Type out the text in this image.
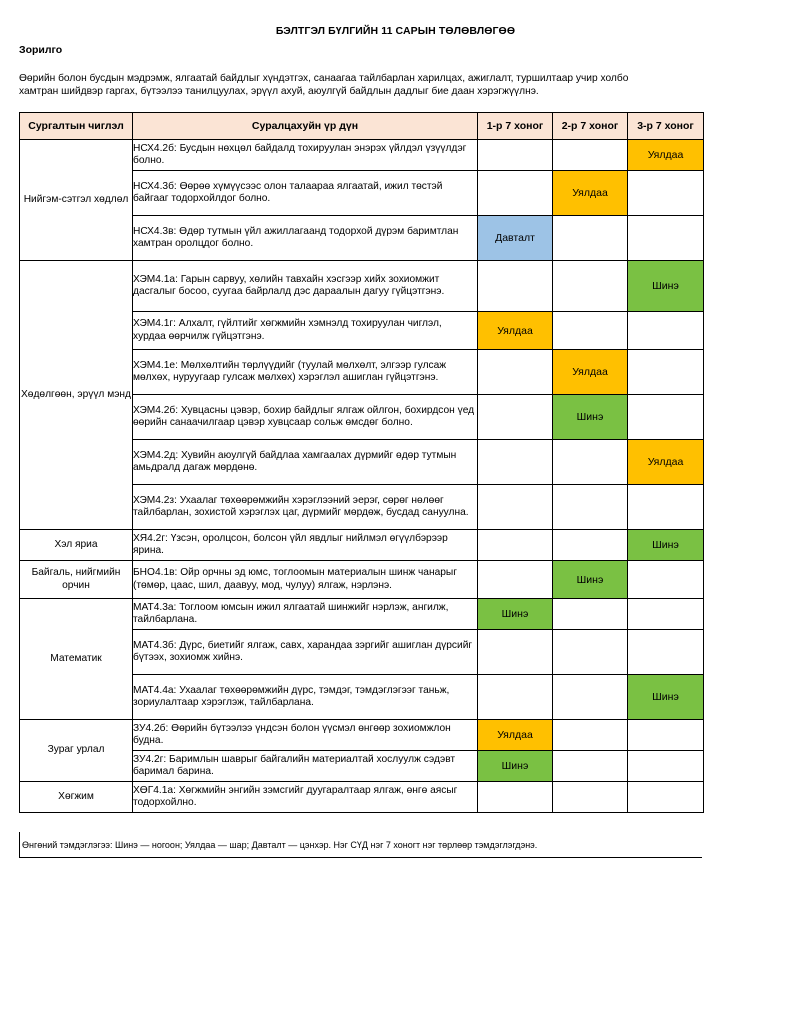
БЭЛТГЭЛ БҮЛГИЙН 11 САРЫН ТӨЛӨВЛӨГӨӨ
Зорилго
Өөрийн болон бусдын мэдрэмж, ялгаатай байдлыг хүндэтгэх, санаагаа тайлбарлан харилцах, ажиглалт, туршилтаар учир холбо
хамтран шийдвэр гаргах, бүтээлээ танилцуулах, эрүүл ахуй, аюулгүй байдлын дадлыг бие даан хэрэгжүүлнэ.
Сургалтын чиглэл	Суралцахуйн үр дүн	1-р 7 хоног	2-р 7 хоног	3-р 7 хоног
Нийгэм-сэтгэл хөдлөл	НСХ4.2б: Бусдын нөхцөл байдалд тохируулан энэрэх үйлдэл үзүүлдэг болно.			Уялдаа
	НСХ4.3б: Өөрөө хүмүүсээс олон талаараа ялгаатай, ижил төстэй байгааг тодорхойлдог болно.		Уялдаа	
	НСХ4.3в: Өдөр тутмын үйл ажиллагаанд тодорхой дүрэм баримтлан хамтран оролцдог болно.	Давталт		
Хөдөлгөөн, эрүүл мэнд	ХЭМ4.1а: Гарын сарвуу, хөлийн тавхайн хэсгээр хийх зохиомжит дасгалыг босоо, суугаа байрлалд дэс дараалын дагуу гүйцэтгэнэ.			Шинэ
	ХЭМ4.1г: Алхалт, гүйлтийг хөгжмийн хэмнэлд тохируулан чиглэл, хурдаа өөрчилж гүйцэтгэнэ.	Уялдаа		
	ХЭМ4.1е: Мөлхөлтийн төрлүүдийг (туулай мөлхөлт, элгээр гулсаж мөлхөх, нуруугаар гулсаж мөлхөх) хэрэглэл ашиглан гүйцэтгэнэ.		Уялдаа	
	ХЭМ4.2б: Хувцасны цэвэр, бохир байдлыг ялгаж ойлгон, бохирдсон үед өөрийн санаачилгаар цэвэр хувцсаар сольж өмсдөг болно.		Шинэ	
	ХЭМ4.2д: Хувийн аюулгүй байдлаа хамгаалах дүрмийг өдөр тутмын амьдралд дагаж мөрдөнө.			Уялдаа
	ХЭМ4.2з: Ухаалаг төхөөрөмжийн хэрэглээний эерэг, сөрөг нөлөөг тайлбарлан, зохистой хэрэглэх цаг, дүрмийг мөрдөж, бусдад сануулна.			
Хэл яриа	ХЯ4.2г: Үзсэн, оролцсон, болсон үйл явдлыг нийлмэл өгүүлбэрээр ярина.			Шинэ
Байгаль, нийгмийн орчин	БНО4.1в: Ойр орчны эд юмс, тоглоомын материалын шинж чанарыг (төмөр, цаас, шил, даавуу, мод, чулуу) ялгаж, нэрлэнэ.		Шинэ	
Математик	МАТ4.3а: Тоглоом юмсын ижил ялгаатай шинжийг нэрлэж, ангилж, тайлбарлана.	Шинэ		
	МАТ4.3б: Дүрс, биетийг ялгаж, савх, харандаа зэргийг ашиглан дүрсийг бүтээх, зохиомж хийнэ.			
	МАТ4.4а: Ухаалаг төхөөрөмжийн дүрс, тэмдэг, тэмдэглэгээг таньж, зориулалтаар хэрэглэж, тайлбарлана.			Шинэ
Зураг урлал	ЗУ4.2б: Өөрийн бүтээлээ үндсэн болон үүсмэл өнгөөр зохиомжлон будна.	Уялдаа		
	ЗУ4.2г: Баримлын шаврыг байгалийн материалтай хослуулж сэдэвт баримал барина.	Шинэ		
Хөгжим	ХӨГ4.1а: Хөгжмийн энгийн зэмсгийг дуугаралтаар ялгаж, өнгө аясыг тодорхойлно.			
Өнгөний тэмдэглэгээ: Шинэ — ногоон; Уялдаа — шар; Давталт — цэнхэр. Нэг СҮД нэг 7 хоногт нэг төрлөөр тэмдэглэгдэнэ.
